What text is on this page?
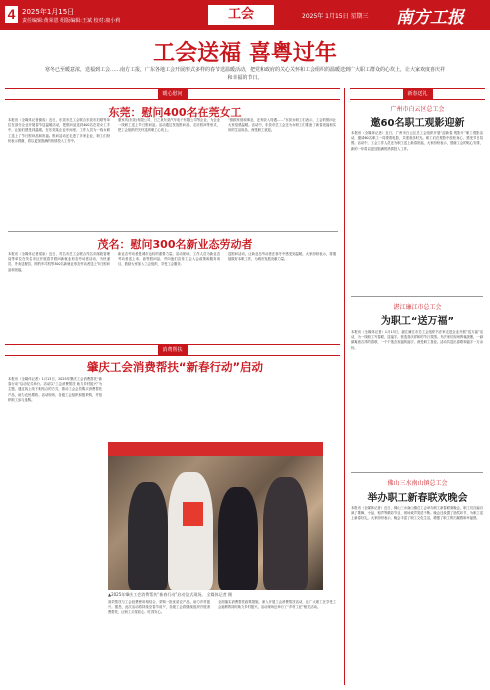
4 2025年1月15日
责任编辑:黄荣恩 组版编辑:王斌 校对:康小莉	工会	2025年 1月15日 星期三 南方工报
工会送福 喜粤过年
寒冬已至暖意浓，送福到工会……南方工报，广东各地工会开展形式多样的春节送温暖活动，把党和政府的关心关怀和工会组织的温暖送到广大职工群众的心坎上，让大家欢度喜庆祥和幸福的节日。
暖心慰问	新春送礼
东莞：慰问400名在莞女工
本报讯（全媒体记者谢成）近日，东莞市总工会联合东莞市妇联等单位在部分企业开展春节送温暖活动，把慰问品送到400名在莞女工手中，让她们感受到温暖。在东莞某企业车间里，工作人员为一线女职工送上了节日慰问品和祝福。慰问活动还走进了多家企业，职工们纷纷表示感谢，将以更加饱满的热情投入工作中。
康家具(东莞)有限公司、日之泉东莞汽车电子有限公司等企业，为企业一线职工送上节日慰问品。活动通过发放慰问品、走访慰问等形式，把工会组织的关怀送到职工心坎上。
“照顾家庭和事业，还有收入待遇……”东莞女职工们表示，工会的慰问让大家倍感温暖。活动中，东莞市总工会还为女职工们准备了新春祝福和实用的生活用品，深受职工欢迎。
茂名：慰问300名新业态劳动者
本报讯（全媒体记者梁泉）近日，茂名市总工会联合茂名市邮政管理局等单位在茂名市区开展春节慰问新就业形态劳动者活动，为快递员、外卖送餐员、网约车司机等300名新就业形态劳动者送上节日慰问品和祝福。
新业态劳动者是城市运转的重要力量。活动现场，工作人员为新业态劳动者送上米、油等慰问品，并向他们宣传工会入会政策和服务项目，鼓励大家加入工会组织，享受工会服务。
送慰问活动，让新业态劳动者在寒冬中感受到温暖。大家纷纷表示，将继续做好本职工作，为城市发展贡献力量。
消费帮扶
肇庆工会消费帮扶“新春行动”启动
本报讯（全媒体记者）1月13日，2025年肇庆工会消费帮扶“新春行动”启动仪式举行。活动以“工会消费帮扶 助力乡村振兴”为主题，通过线上线下相结合的方式，推动工会会员购买消费帮扶产品，助力农民增收。活动现场，各级工会组织积极采购，并组织职工参与选购。
▲2025年肇庆工会消费帮扶“新春行动”启动仪式现场。 全媒体记者 摄
高效帮扶与工会经费使用相结合，采购一批优质农产品，助力乡村振兴。据悉，此次活动将持续至春节前夕，各级工会将继续组织开展消费帮扶，让职工买得放心、吃得安心。
全面落实消费帮扶政策措施，深入开展工会消费帮扶活动，让广大职工在享受工会福利的同时助力乡村振兴。活动现场还举行了“乡村工匠”相关活动。
广州市白云区总工会
邀60名职工观影迎新
本报讯（全媒体记者）近日，广州市白云区总工会组织开展“迎新春 观影片”职工观影活动，邀请60名职工一同观看电影，共度欢乐时光。职工们在观影中放松身心，感受节日氛围。活动中，工会工作人员还为职工送上新春祝福，大家纷纷表示，感谢工会的贴心安排，新的一年将以更加饱满的热情投入工作。
湛江廉江市总工会
为职工“送万福”
本报讯（全媒体记者）1月13日，湛江廉江市总工会组织书法家走进企业开展“送万福”活动，为一线职工写春联、送福字，营造喜庆祥和的节日氛围。书法家们现场挥毫泼墨，一副副寓意吉祥的春联、一个个饱含祝福的福字，深受职工喜爱。活动共送出春联和福字一万余份。
佛山三水南山镇总工会
举办职工新春联欢晚会
本报讯（全媒体记者）近日，佛山三水南山镇总工会举办职工新春联欢晚会，职工们自编自演了歌舞、小品、相声等精彩节目，现场欢声笑语不断。晚会还设置了抽奖环节，为职工送上新春好礼。大家纷纷表示，晚会丰富了职工文化生活，增强了职工的归属感和幸福感。
